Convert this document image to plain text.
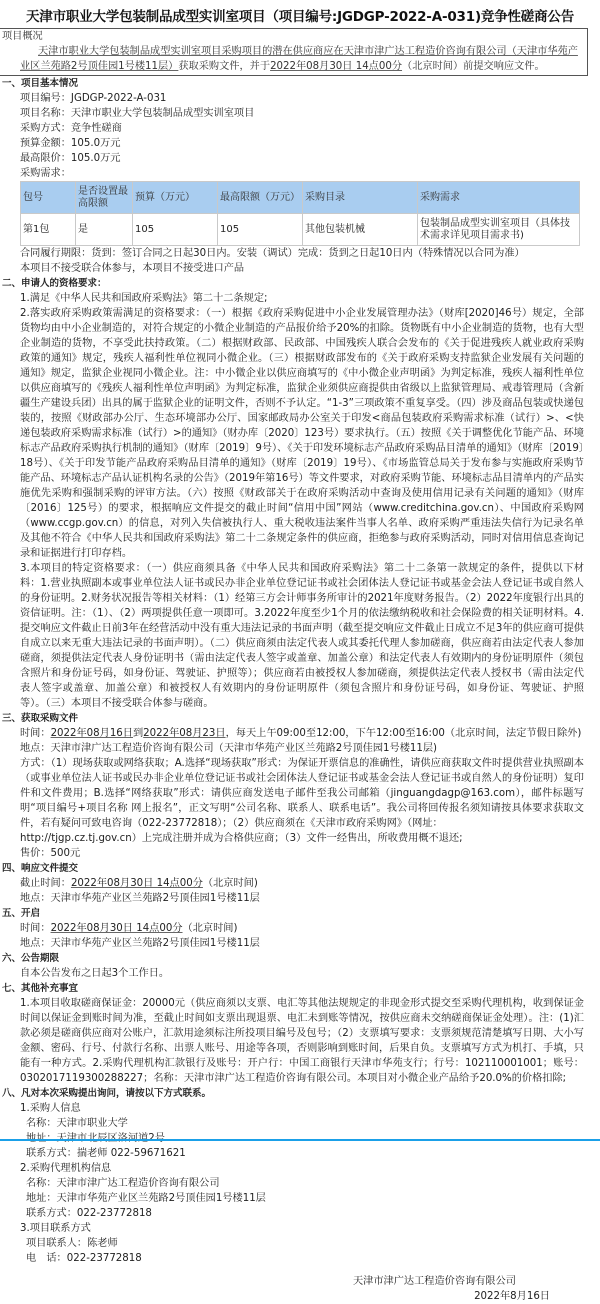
天津市职业大学包装制品成型实训室项目（项目编号:JGDGP-2022-A-031)竞争性磋商公告
项目概况
天津市职业大学包装制品成型实训室项目采购项目的潜在供应商应在天津市津广达工程造价咨询有限公司（天津市华苑产业区兰苑路2号顶佳园1号楼11层）获取采购文件，并于2022年08月30日 14点00分（北京时间）前提交响应文件。
一、项目基本情况
项目编号：JGDGP-2022-A-031
项目名称：天津市职业大学包装制品成型实训室项目
采购方式：竞争性磋商
预算金额：105.0万元
最高限价：105.0万元
采购需求：
包号	是否设置最高限额	预算（万元）	最高限额（万元）	采购目录	采购需求
第1包	是	105	105	其他包装机械	包装制品成型实训室项目（具体技术需求详见项目需求书)
合同履行期限：货到：签订合同之日起30日内。安装（调试）完成：货到之日起10日内（特殊情况以合同为准）
本项目不接受联合体参与，本项目不接受进口产品
二、申请人的资格要求：
1.满足《中华人民共和国政府采购法》第二十二条规定;
2.落实政府采购政策需满足的资格要求：（一）根据《政府采购促进中小企业发展管理办法》（财库[2020]46号）规定，全部货物均由中小企业制造的，对符合规定的小微企业制造的产品报价给予20%的扣除。货物既有中小企业制造的货物，也有大型企业制造的货物，不享受此扶持政策。（二）根据财政部、民政部、中国残疾人联合会发布的《关于促进残疾人就业政府采购政策的通知》规定，残疾人福利性单位视同小微企业。（三）根据财政部发布的《关于政府采购支持监狱企业发展有关问题的通知》规定，监狱企业视同小微企业。注：中小微企业以供应商填写的《中小微企业声明函》为判定标准，残疾人福利性单位以供应商填写的《残疾人福利性单位声明函》为判定标准，监狱企业须供应商提供由省级以上监狱管理局、戒毒管理局（含新疆生产建设兵团）出具的属于监狱企业的证明文件，否则不予认定。“1-3”三项政策不重复享受。（四）涉及商品包装或快递包装的，按照《财政部办公厅、生态环境部办公厅、国家邮政局办公室关于印发<商品包装政府采购需求标准（试行）>、<快递包装政府采购需求标准（试行）>的通知》（财办库〔2020〕123号）要求执行。（五）按照《关于调整优化节能产品、环境标志产品政府采购执行机制的通知》（财库〔2019〕9号）、《关于印发环境标志产品政府采购品目清单的通知》（财库〔2019〕18号）、《关于印发节能产品政府采购品目清单的通知》（财库〔2019〕19号）、《市场监管总局关于发布参与实施政府采购节能产品、环境标志产品认证机构名录的公告》（2019年第16号）等文件要求，对政府采购节能、环境标志品目清单内的产品实施优先采购和强制采购的评审方法。（六）按照《财政部关于在政府采购活动中查询及使用信用记录有关问题的通知》（财库〔2016〕125号）的要求，根据响应文件提交的截止时间“信用中国”网站（www.creditchina.gov.cn）、中国政府采购网（www.ccgp.gov.cn）的信息，对列入失信被执行人、重大税收违法案件当事人名单、政府采购严重违法失信行为记录名单及其他不符合《中华人民共和国政府采购法》第二十二条规定条件的供应商，拒绝参与政府采购活动，同时对信用信息查询记录和证据进行打印存档。
3.本项目的特定资格要求：（一）供应商须具备《中华人民共和国政府采购法》第二十二条第一款规定的条件，提供以下材料：1.营业执照副本或事业单位法人证书或民办非企业单位登记证书或社会团体法人登记证书或基金会法人登记证书或自然人的身份证明。2.财务状况报告等相关材料：（1）经第三方会计师事务所审计的2021年度财务报告。（2）2022年度银行出具的资信证明。注：（1）、（2）两项提供任意一项即可。3.2022年度至少1个月的依法缴纳税收和社会保险费的相关证明材料。4.提交响应文件截止日前3年在经营活动中没有重大违法记录的书面声明（截至提交响应文件截止日成立不足3年的供应商可提供自成立以来无重大违法记录的书面声明）。（二）供应商须由法定代表人或其委托代理人参加磋商，供应商若由法定代表人参加磋商，须提供法定代表人身份证明书（需由法定代表人签字或盖章、加盖公章）和法定代表人有效期内的身份证明原件（须包含照片和身份证号码，如身份证、驾驶证、护照等）；供应商若由被授权人参加磋商，须提供法定代表人授权书（需由法定代表人签字或盖章、加盖公章）和被授权人有效期内的身份证明原件（须包含照片和身份证号码，如身份证、驾驶证、护照等）。（三）本项目不接受联合体参与磋商。
三、获取采购文件
时间：2022年08月16日到2022年08月23日，每天上午09:00至12:00，下午12:00至16:00（北京时间，法定节假日除外)
地点：天津市津广达工程造价咨询有限公司（天津市华苑产业区兰苑路2号顶佳园1号楼11层)
方式：（1）现场获取或网络获取；A.选择“现场获取”形式：为保证开票信息的准确性，请供应商获取文件时提供营业执照副本（或事业单位法人证书或民办非企业单位登记证书或社会团体法人登记证书或基金会法人登记证书或自然人的身份证明）复印件和文件费用；B.选择“网络获取”形式：请供应商发送电子邮件至我公司邮箱（jinguangdagp@163.com），邮件标题写明“项目编号+项目名称 网上报名”，正文写明“公司名称、联系人、联系电话”。我公司将回传报名须知请按具体要求获取文件，若有疑问可致电咨询（022-23772818）；（2）供应商须在《天津市政府采购网》（网址：
http://tjgp.cz.tj.gov.cn）上完成注册并成为合格供应商；（3）文件一经售出，所收费用概不退还;
售价：500元
四、响应文件提交
截止时间：2022年08月30日 14点00分（北京时间)
地点：天津市华苑产业区兰苑路2号顶佳园1号楼11层
五、开启
时间：2022年08月30日 14点00分（北京时间)
地点：天津市华苑产业区兰苑路2号顶佳园1号楼11层
六、公告期限
自本公告发布之日起3个工作日。
七、其他补充事宜
1.本项目收取磋商保证金：20000元（供应商须以支票、电汇等其他法规规定的非现金形式提交至采购代理机构，收到保证金时间以保证金到账时间为准，至截止时间如支票出现退票、电汇未到账等情况，按供应商未交纳磋商保证金处理）。注：(1)汇款必须是磋商供应商对公账户，汇款用途须标注所投项目编号及包号；（2）支票填写要求：支票须规范清楚填写日期、大小写金额、密码、行号、付款行名称、出票人账号、用途等各项，否则影响到账时间，后果自负。支票填写方式为机打、手填，只能有一种方式。2.采购代理机构汇款银行及账号：开户行：中国工商银行天津市华苑支行；行号：102110001001；账号：0302017119300288227；名称：天津市津广达工程造价咨询有限公司。本项目对小微企业产品给予20.0%的价格扣除;
八、凡对本次采购提出询问，请按以下方式联系。
1.采购人信息
名称：天津市职业大学
联系方式：揣老师 022-59671621
2.采购代理机构信息
名称：天津市津广达工程造价咨询有限公司
地址：天津市华苑产业区兰苑路2号顶佳园1号楼11层
联系方式：022-23772818
3.项目联系方式
项目联系人：陈老师
电　话：022-23772818
天津市津广达工程造价咨询有限公司
2022年8月16日
